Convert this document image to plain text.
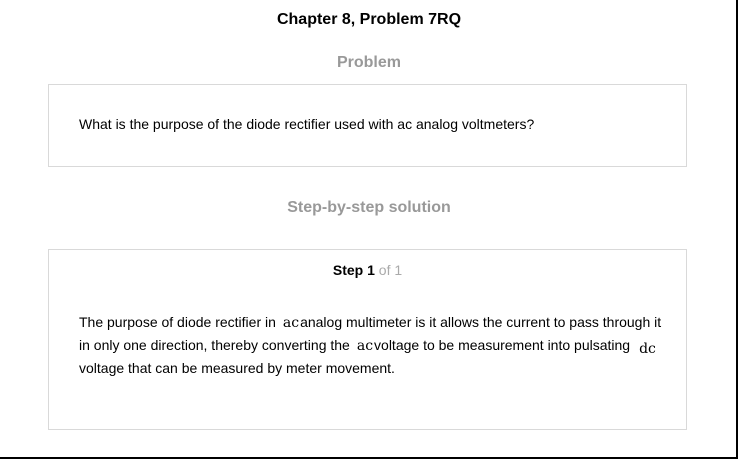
Chapter 8, Problem 7RQ
Problem
What is the purpose of the diode rectifier used with ac analog voltmeters?
Step-by-step solution
Step 1 of 1
The purpose of diode rectifier in acanalog multimeter is it allows the current to pass through it in only one direction, thereby converting the acvoltage to be measurement into pulsating dcvoltage that can be measured by meter movement.
